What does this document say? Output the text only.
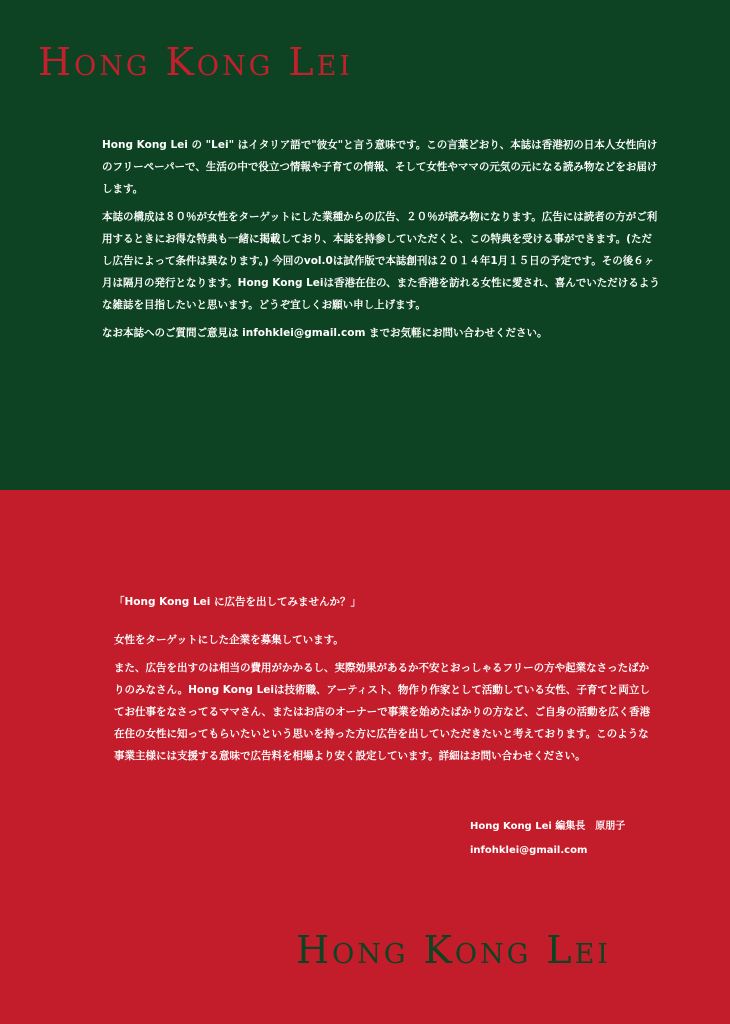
Hong Kong Lei

Hong Kong Lei の "Lei" はイタリア語で"彼女"と言う意味です。この言葉どおり、本誌は香港初の日本人女性向けのフリーペーパーで、生活の中で役立つ情報や子育ての情報、そして女性やママの元気の元になる読み物などをお届けします。

本誌の構成は８０％が女性をターゲットにした業種からの広告、２０％が読み物になります。広告には読者の方がご利用するときにお得な特典も一緒に掲載しており、本誌を持参していただくと、この特典を受ける事ができます。(ただし広告によって条件は異なります。) 今回のvol.0は試作版で本誌創刊は２０１４年1月１５日の予定です。その後６ヶ月は隔月の発行となります。Hong Kong Leiは香港在住の、また香港を訪れる女性に愛され、喜んでいただけるような雑誌を目指したいと思います。どうぞ宜しくお願い申し上げます。

なお本誌へのご質問ご意見は infohklei@gmail.com までお気軽にお問い合わせください。

「Hong Kong Lei に広告を出してみませんか？」

女性をターゲットにした企業を募集しています。

また、広告を出すのは相当の費用がかかるし、実際効果があるか不安とおっしゃるフリーの方や起業なさったばかりのみなさん。Hong Kong Leiは技術職、アーティスト、物作り作家として活動している女性、子育てと両立してお仕事をなさってるママさん、またはお店のオーナーで事業を始めたばかりの方など、ご自身の活動を広く香港在住の女性に知ってもらいたいという思いを持った方に広告を出していただきたいと考えております。このような事業主様には支援する意味で広告料を相場より安く設定しています。詳細はお問い合わせください。

Hong Kong Lei 編集長　原朋子
infohklei@gmail.com
Hong Kong Lei
